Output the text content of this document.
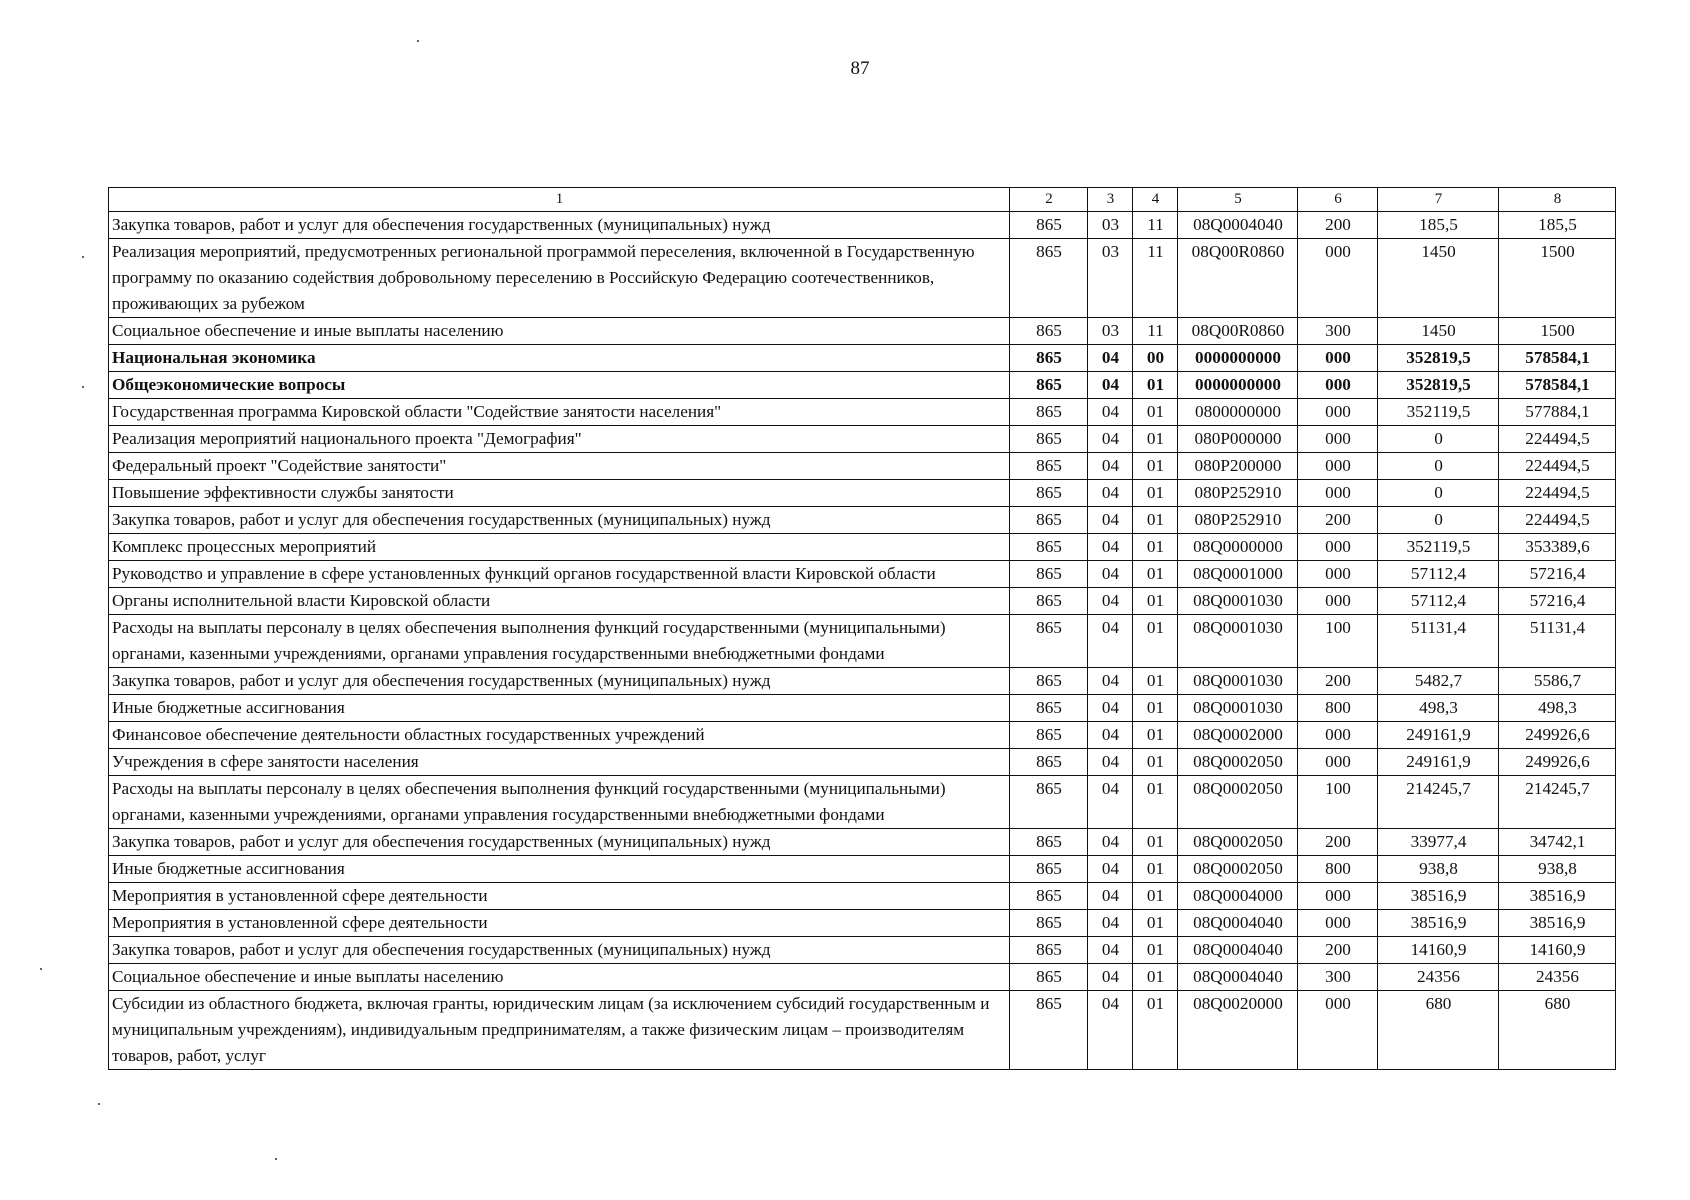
87
1	2	3	4	5	6	7	8
Закупка товаров, работ и услуг для обеспечения государственных (муниципальных) нужд	865	03	11	08Q0004040	200	185,5	185,5
Реализация мероприятий, предусмотренных региональной программой переселения, включенной в Государственную программу по оказанию содействия добровольному переселению в Российскую Федерацию соотечественников, проживающих за рубежом	865	03	11	08Q00R0860	000	1450	1500
Социальное обеспечение и иные выплаты населению	865	03	11	08Q00R0860	300	1450	1500
Национальная экономика	865	04	00	0000000000	000	352819,5	578584,1
Общеэкономические вопросы	865	04	01	0000000000	000	352819,5	578584,1
Государственная программа Кировской области "Содействие занятости населения"	865	04	01	0800000000	000	352119,5	577884,1
Реализация мероприятий национального проекта "Демография"	865	04	01	080P000000	000	0	224494,5
Федеральный проект "Содействие занятости"	865	04	01	080P200000	000	0	224494,5
Повышение эффективности службы занятости	865	04	01	080P252910	000	0	224494,5
Закупка товаров, работ и услуг для обеспечения государственных (муниципальных) нужд	865	04	01	080P252910	200	0	224494,5
Комплекс процессных мероприятий	865	04	01	08Q0000000	000	352119,5	353389,6
Руководство и управление в сфере установленных функций органов государственной власти Кировской области	865	04	01	08Q0001000	000	57112,4	57216,4
Органы исполнительной власти Кировской области	865	04	01	08Q0001030	000	57112,4	57216,4
Расходы на выплаты персоналу в целях обеспечения выполнения функций государственными (муниципальными) органами, казенными учреждениями, органами управления государственными внебюджетными фондами	865	04	01	08Q0001030	100	51131,4	51131,4
Закупка товаров, работ и услуг для обеспечения государственных (муниципальных) нужд	865	04	01	08Q0001030	200	5482,7	5586,7
Иные бюджетные ассигнования	865	04	01	08Q0001030	800	498,3	498,3
Финансовое обеспечение деятельности областных государственных учреждений	865	04	01	08Q0002000	000	249161,9	249926,6
Учреждения в сфере занятости населения	865	04	01	08Q0002050	000	249161,9	249926,6
Расходы на выплаты персоналу в целях обеспечения выполнения функций государственными (муниципальными) органами, казенными учреждениями, органами управления государственными внебюджетными фондами	865	04	01	08Q0002050	100	214245,7	214245,7
Закупка товаров, работ и услуг для обеспечения государственных (муниципальных) нужд	865	04	01	08Q0002050	200	33977,4	34742,1
Иные бюджетные ассигнования	865	04	01	08Q0002050	800	938,8	938,8
Мероприятия в установленной сфере деятельности	865	04	01	08Q0004000	000	38516,9	38516,9
Мероприятия в установленной сфере деятельности	865	04	01	08Q0004040	000	38516,9	38516,9
Закупка товаров, работ и услуг для обеспечения государственных (муниципальных) нужд	865	04	01	08Q0004040	200	14160,9	14160,9
Социальное обеспечение и иные выплаты населению	865	04	01	08Q0004040	300	24356	24356
Субсидии из областного бюджета, включая гранты, юридическим лицам (за исключением субсидий государственным и муниципальным учреждениям), индивидуальным предпринимателям, а также физическим лицам – производителям товаров, работ, услуг	865	04	01	08Q0020000	000	680	680
